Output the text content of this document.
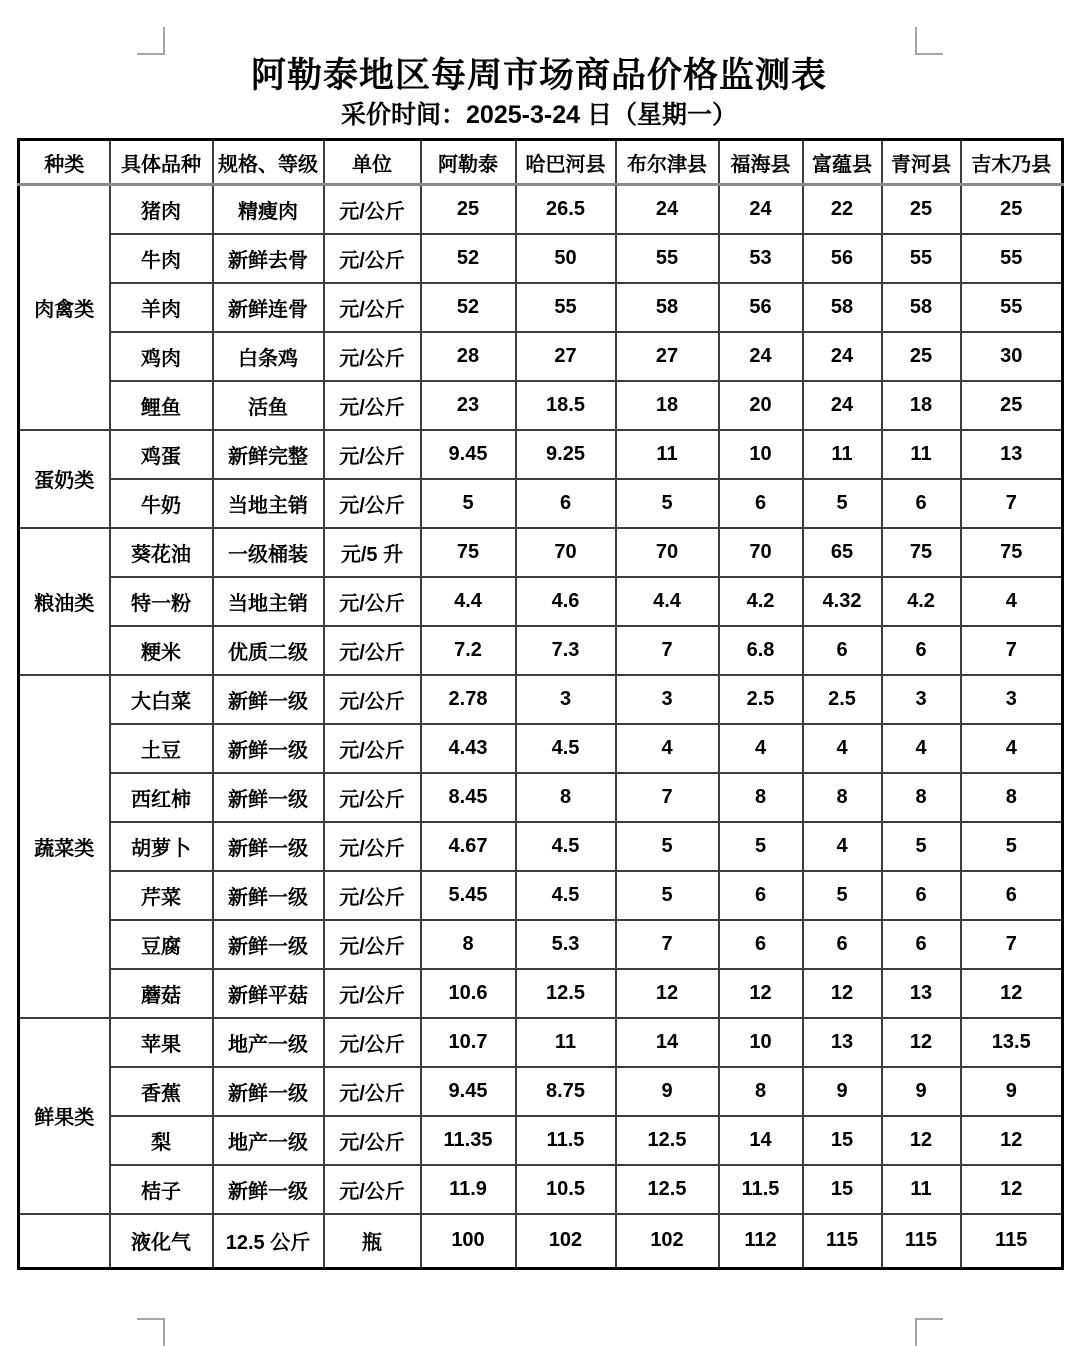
阿勒泰地区每周市场商品价格监测表
采价时间：2025-3-24 日（星期一）
种类	具体品种	规格、等级	单位	阿勒泰	哈巴河县	布尔津县	福海县	富蕴县	青河县	吉木乃县
肉禽类	猪肉	精瘦肉	元/公斤	25	26.5	24	24	22	25	25
	牛肉	新鲜去骨	元/公斤	52	50	55	53	56	55	55
	羊肉	新鲜连骨	元/公斤	52	55	58	56	58	58	55
	鸡肉	白条鸡	元/公斤	28	27	27	24	24	25	30
	鲤鱼	活鱼	元/公斤	23	18.5	18	20	24	18	25
蛋奶类	鸡蛋	新鲜完整	元/公斤	9.45	9.25	11	10	11	11	13
	牛奶	当地主销	元/公斤	5	6	5	6	5	6	7
粮油类	葵花油	一级桶装	元/5 升	75	70	70	70	65	75	75
	特一粉	当地主销	元/公斤	4.4	4.6	4.4	4.2	4.32	4.2	4
	粳米	优质二级	元/公斤	7.2	7.3	7	6.8	6	6	7
蔬菜类	大白菜	新鲜一级	元/公斤	2.78	3	3	2.5	2.5	3	3
	土豆	新鲜一级	元/公斤	4.43	4.5	4	4	4	4	4
	西红柿	新鲜一级	元/公斤	8.45	8	7	8	8	8	8
	胡萝卜	新鲜一级	元/公斤	4.67	4.5	5	5	4	5	5
	芹菜	新鲜一级	元/公斤	5.45	4.5	5	6	5	6	6
	豆腐	新鲜一级	元/公斤	8	5.3	7	6	6	6	7
	蘑菇	新鲜平菇	元/公斤	10.6	12.5	12	12	12	13	12
鲜果类	苹果	地产一级	元/公斤	10.7	11	14	10	13	12	13.5
	香蕉	新鲜一级	元/公斤	9.45	8.75	9	8	9	9	9
	梨	地产一级	元/公斤	11.35	11.5	12.5	14	15	12	12
	桔子	新鲜一级	元/公斤	11.9	10.5	12.5	11.5	15	11	12
	液化气	12.5 公斤	瓶	100	102	102	112	115	115	115
